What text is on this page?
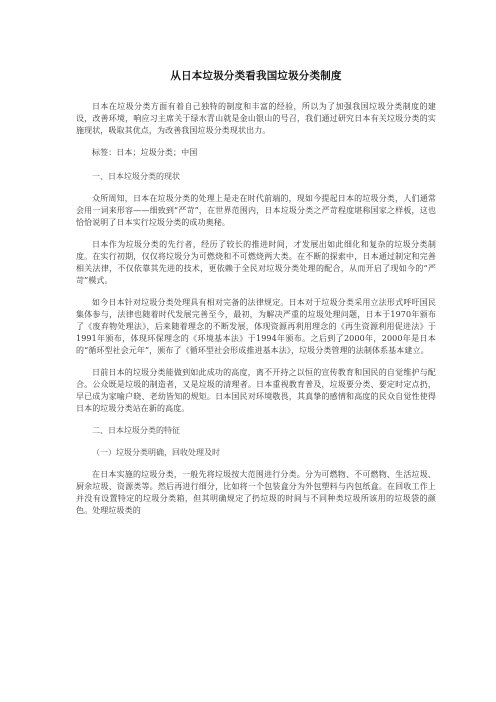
从日本垃圾分类看我国垃圾分类制度

日本在垃圾分类方面有着自己独特的制度和丰富的经验，所以为了加强我国垃圾分类制度的建设，改善环境，响应习主席关于绿水青山就是金山银山的号召，我们通过研究日本有关垃圾分类的实施现状，吸取其优点，为改善我国垃圾分类现状出力。

标签：日本；垃圾分类；中国

一、日本垃圾分类的现状

众所周知，日本在垃圾分类的处理上是走在时代前端的，现如今提起日本的垃圾分类，人们通常会用一词来形容——细致到“严苛”，在世界范围内，日本垃圾分类之严苛程度堪称国家之样板，这也恰恰说明了日本实行垃圾分类的成功奥秘。

日本作为垃圾分类的先行者，经历了较长的推进时间，才发展出如此细化和复杂的垃圾分类制度。在实行初期，仅仅将垃圾分为可燃烧和不可燃烧两大类。在不断的探索中，日本通过制定和完善相关法律，不仅依靠其先进的技术，更依赖于全民对垃圾分类处理的配合，从而开启了现如今的“严苛”模式。

如今日本针对垃圾分类处理具有相对完备的法律规定。日本对于垃圾分类采用立法形式呼吁国民集体参与，法律也随着时代发展完善至今，最初，为解决严重的垃圾处理问题，日本于1970年颁布了《废弃物处理法》，后来随着理念的不断发展，体现资源再利用理念的《再生资源利用促进法》于1991年颁布，体现环保理念的《环境基本法》于1994年颁布。之后到了2000年，2000年是日本的“循环型社会元年”，颁布了《循环型社会形成推进基本法》，垃圾分类管理的法制体系基本建立。

日前日本的垃圾分类能做到如此成功的高度，离不开持之以恒的宣传教育和国民的自觉维护与配合。公众既是垃圾的制造者，又是垃圾的清理者。日本重视教育普及，垃圾要分类、要定时定点扔，早已成为家喻户晓、老幼皆知的规矩。日本国民对环境敬畏，其真挚的感情和高度的民众自觉性使得日本的垃圾分类站在新的高度。

二、日本垃圾分类的特征

（一）垃圾分类明确，回收处理及时

在日本实施的垃圾分类，一般先将垃圾按大范围进行分类。分为可燃物、不可燃物、生活垃圾、厨余垃圾、资源类等。然后再进行细分，比如将一个包装盒分为外包塑料与内包纸盒。在回收工作上并没有设置特定的垃圾分类箱，但其明确规定了扔垃圾的时间与不同种类垃圾所该用的垃圾袋的颜色。处理垃圾类的
